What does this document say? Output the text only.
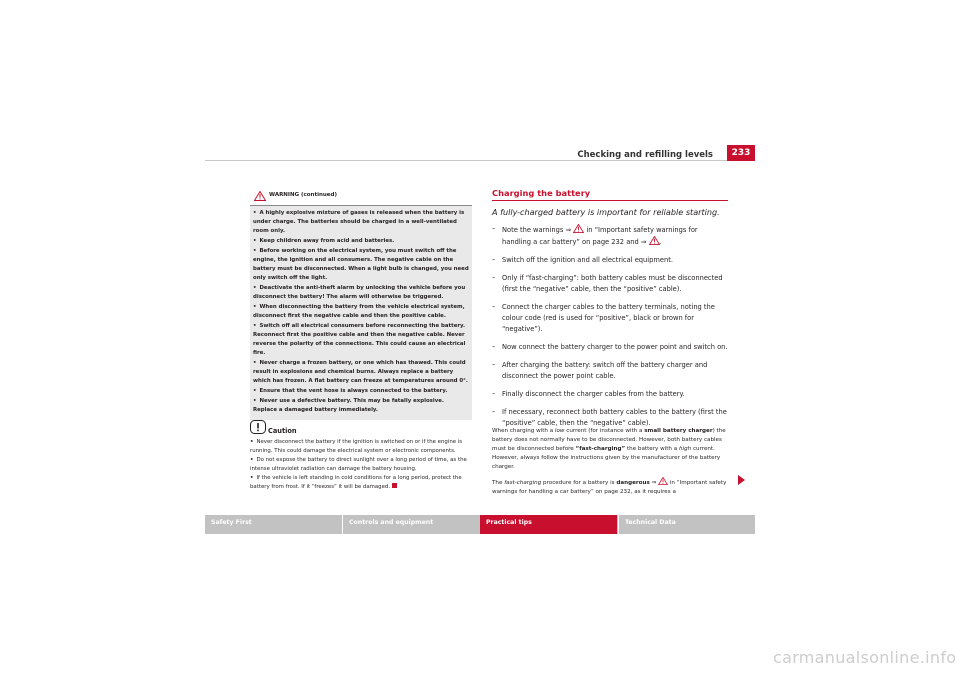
Checking and refilling levels	233
WARNING (continued)

• A highly explosive mixture of gases is released when the battery is under charge. The batteries should be charged in a well-ventilated room only.

• Keep children away from acid and batteries.

• Before working on the electrical system, you must switch off the engine, the ignition and all consumers. The negative cable on the battery must be disconnected. When a light bulb is changed, you need only switch off the light.

• Deactivate the anti-theft alarm by unlocking the vehicle before you disconnect the battery! The alarm will otherwise be triggered.

• When disconnecting the battery from the vehicle electrical system, disconnect first the negative cable and then the positive cable.

• Switch off all electrical consumers before reconnecting the battery. Reconnect first the positive cable and then the negative cable. Never reverse the polarity of the connections. This could cause an electrical fire.

• Never charge a frozen battery, or one which has thawed. This could result in explosions and chemical burns. Always replace a battery which has frozen. A flat battery can freeze at temperatures around 0°.

• Ensure that the vent hose is always connected to the battery.

• Never use a defective battery. This may be fatally explosive. Replace a damaged battery immediately.

Caution

• Never disconnect the battery if the ignition is switched on or if the engine is running. This could damage the electrical system or electronic components.

• Do not expose the battery to direct sunlight over a long period of time, as the intense ultraviolet radiation can damage the battery housing.

• If the vehicle is left standing in cold conditions for a long period, protect the battery from frost. If it “freezes” it will be damaged.

Charging the battery
A fully-charged battery is important for reliable starting.
– Note the warnings ⇒ in “Important safety warnings for handling a car battery” on page 232 and ⇒ .
– Switch off the ignition and all electrical equipment.
– Only if “fast-charging”: both battery cables must be disconnected (first the “negative” cable, then the “positive” cable).
– Connect the charger cables to the battery terminals, noting the colour code (red is used for “positive”, black or brown for “negative”).
– Now connect the battery charger to the power point and switch on.
– After charging the battery: switch off the battery charger and disconnect the power point cable.
– Finally disconnect the charger cables from the battery.
– If necessary, reconnect both battery cables to the battery (first the “positive” cable, then the “negative” cable).

When charging with a low current (for instance with a small battery charger) the battery does not normally have to be disconnected. However, both battery cables must be disconnected before “fast-charging” the battery with a high current. However, always follow the instructions given by the manufacturer of the battery charger.

The fast-charging procedure for a battery is dangerous ⇒  in “Important safety warnings for handling a car battery” on page 232, as it requires a

Safety First	Controls and equipment	Practical tips	Technical Data
carmanualsonline.info
